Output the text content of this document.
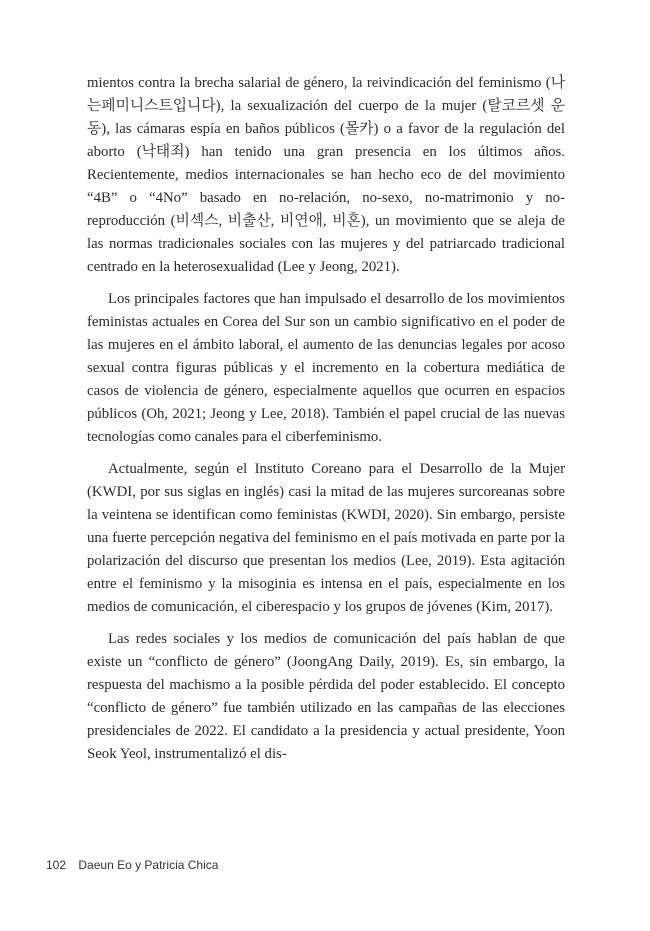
mientos contra la brecha salarial de género, la reivindicación del feminismo (나는페미니스트입니다), la sexualización del cuerpo de la mujer (탈코르셋 운동), las cámaras espía en baños públicos (몰카) o a favor de la regulación del aborto (낙태죄) han tenido una gran presencia en los últimos años. Recientemente, medios internacionales se han hecho eco de del movimiento “4B” o “4No” basado en no-relación, no-sexo, no-matrimonio y no-reproducción (비섹스, 비출산, 비연애, 비혼), un movimiento que se aleja de las normas tradicionales sociales con las mujeres y del patriarcado tradicional centrado en la heterosexualidad (Lee y Jeong, 2021).

Los principales factores que han impulsado el desarrollo de los movimientos feministas actuales en Corea del Sur son un cambio significativo en el poder de las mujeres en el ámbito laboral, el aumento de las denuncias legales por acoso sexual contra figuras públicas y el incremento en la cobertura mediática de casos de violencia de género, especialmente aquellos que ocurren en espacios públicos (Oh, 2021; Jeong y Lee, 2018). También el papel crucial de las nuevas tecnologías como canales para el ciberfeminismo.

Actualmente, según el Instituto Coreano para el Desarrollo de la Mujer (KWDI, por sus siglas en inglés) casi la mitad de las mujeres surcoreanas sobre la veintena se identifican como feministas (KWDI, 2020). Sin embargo, persiste una fuerte percepción negativa del feminismo en el país motivada en parte por la polarización del discurso que presentan los medios (Lee, 2019). Esta agitación entre el feminismo y la misoginia es intensa en el país, especialmente en los medios de comunicación, el ciberespacio y los grupos de jóvenes (Kim, 2017).

Las redes sociales y los medios de comunicación del país hablan de que existe un “conflicto de género” (JoongAng Daily, 2019). Es, sin embargo, la respuesta del machismo a la posible pérdida del poder establecido. El concepto “conflicto de género” fue también utilizado en las campañas de las elecciones presidenciales de 2022. El candidato a la presidencia y actual presidente, Yoon Seok Yeol, instrumentalizó el dis-

102 Daeun Eo y Patricia Chica
